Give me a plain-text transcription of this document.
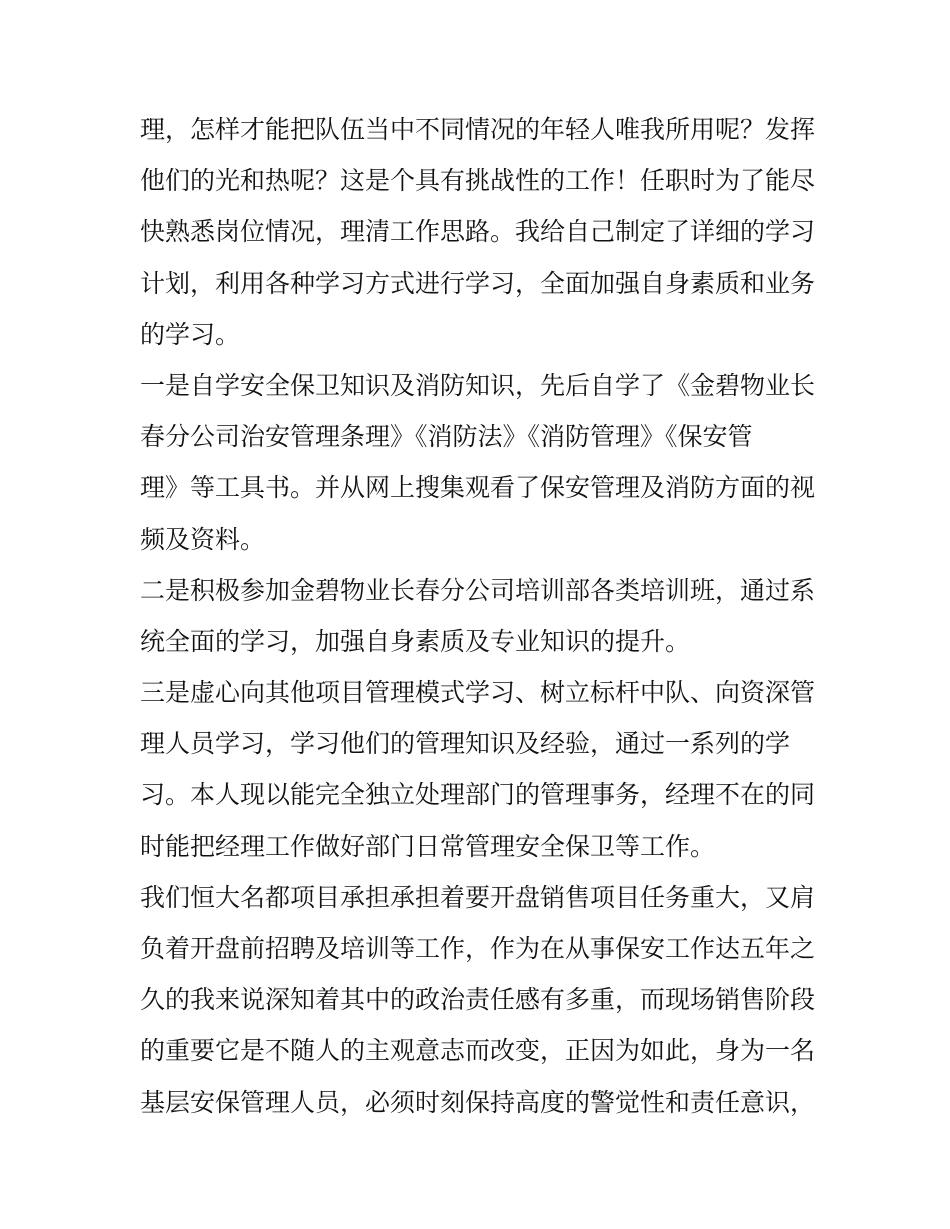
理，怎样才能把队伍当中不同情况的年轻人唯我所用呢？发挥
他们的光和热呢？这是个具有挑战性的工作！任职时为了能尽
快熟悉岗位情况，理清工作思路。我给自己制定了详细的学习
计划，利用各种学习方式进行学习，全面加强自身素质和业务
的学习。
一是自学安全保卫知识及消防知识，先后自学了《金碧物业长
春分公司治安管理条理》《消防法》《消防管理》《保安管
理》等工具书。并从网上搜集观看了保安管理及消防方面的视
频及资料。
二是积极参加金碧物业长春分公司培训部各类培训班，通过系
统全面的学习，加强自身素质及专业知识的提升。
三是虚心向其他项目管理模式学习、树立标杆中队、向资深管
理人员学习，学习他们的管理知识及经验，通过一系列的学
习。本人现以能完全独立处理部门的管理事务，经理不在的同
时能把经理工作做好部门日常管理安全保卫等工作。
我们恒大名都项目承担承担着要开盘销售项目任务重大，又肩
负着开盘前招聘及培训等工作，作为在从事保安工作达五年之
久的我来说深知着其中的政治责任感有多重，而现场销售阶段
的重要它是不随人的主观意志而改变，正因为如此，身为一名
基层安保管理人员，必须时刻保持高度的警觉性和责任意识，
